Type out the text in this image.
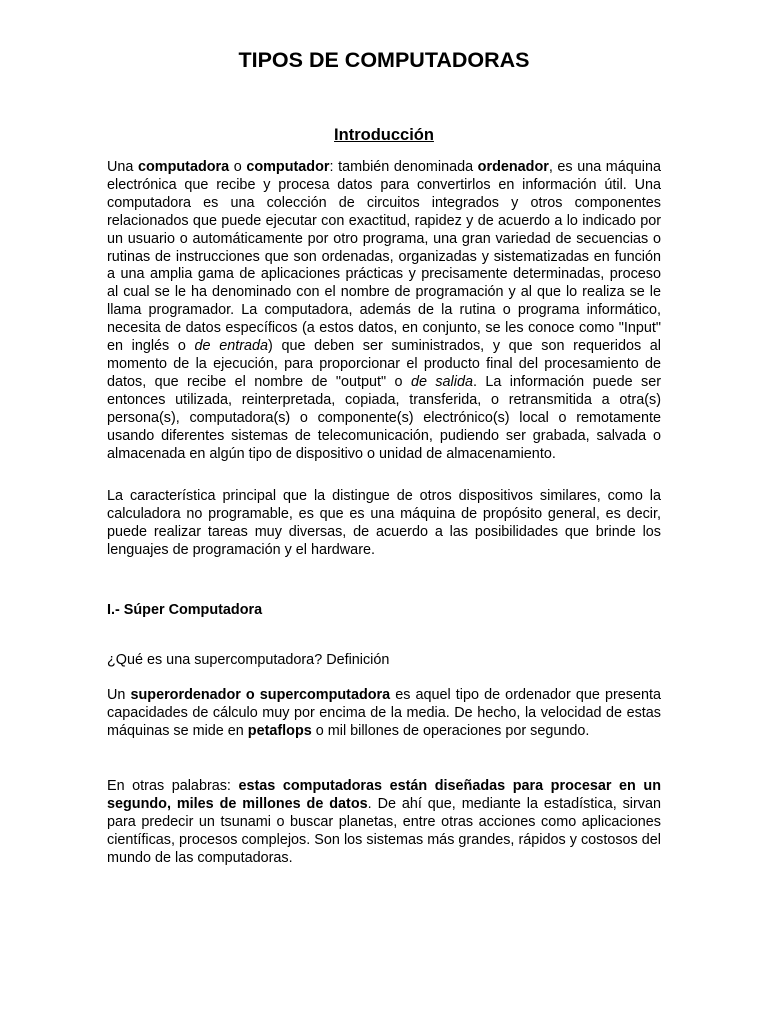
TIPOS DE COMPUTADORAS
Introducción

Una computadora o computador: también denominada ordenador, es una máquina electrónica que recibe y procesa datos para convertirlos en información útil. Una computadora es una colección de circuitos integrados y otros componentes relacionados que puede ejecutar con exactitud, rapidez y de acuerdo a lo indicado por un usuario o automáticamente por otro programa, una gran variedad de secuencias o rutinas de instrucciones que son ordenadas, organizadas y sistematizadas en función a una amplia gama de aplicaciones prácticas y precisamente determinadas, proceso al cual se le ha denominado con el nombre de programación y al que lo realiza se le llama programador. La computadora, además de la rutina o programa informático, necesita de datos específicos (a estos datos, en conjunto, se les conoce como "Input" en inglés o de entrada) que deben ser suministrados, y que son requeridos al momento de la ejecución, para proporcionar el producto final del procesamiento de datos, que recibe el nombre de "output" o de salida. La información puede ser entonces utilizada, reinterpretada, copiada, transferida, o retransmitida a otra(s) persona(s), computadora(s) o componente(s) electrónico(s) local o remotamente usando diferentes sistemas de telecomunicación, pudiendo ser grabada, salvada o almacenada en algún tipo de dispositivo o unidad de almacenamiento.

La característica principal que la distingue de otros dispositivos similares, como la calculadora no programable, es que es una máquina de propósito general, es decir, puede realizar tareas muy diversas, de acuerdo a las posibilidades que brinde los lenguajes de programación y el hardware.

I.- Súper Computadora

¿Qué es una supercomputadora? Definición

Un superordenador o supercomputadora es aquel tipo de ordenador que presenta capacidades de cálculo muy por encima de la media. De hecho, la velocidad de estas máquinas se mide en petaflops o mil billones de operaciones por segundo.

En otras palabras: estas computadoras están diseñadas para procesar en un segundo, miles de millones de datos. De ahí que, mediante la estadística, sirvan para predecir un tsunami o buscar planetas, entre otras acciones como aplicaciones científicas, procesos complejos. Son los sistemas más grandes, rápidos y costosos del mundo de las computadoras.
